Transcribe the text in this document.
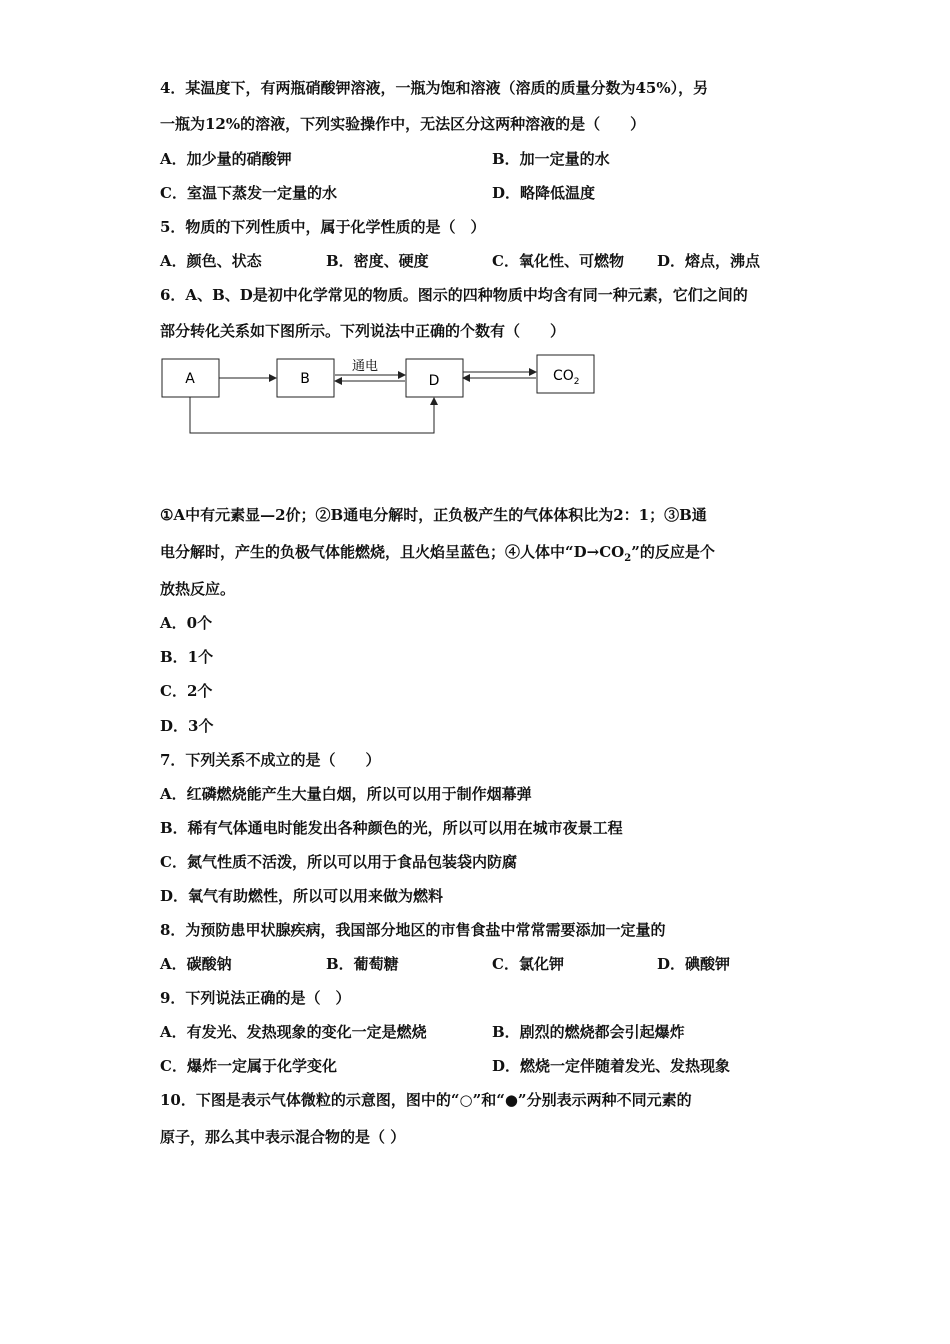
4．某温度下，有两瓶硝酸钾溶液，一瓶为饱和溶液（溶质的质量分数为45%），另
一瓶为12%的溶液，下列实验操作中，无法区分这两种溶液的是（　　）
A．加少量的硝酸钾	B．加一定量的水
C．室温下蒸发一定量的水	D．略降低温度
5．物质的下列性质中，属于化学性质的是（　）
A．颜色、状态	B．密度、硬度	C．氧化性、可燃物 D．熔点，沸点
6．A、B、D是初中化学常见的物质。图示的四种物质中均含有同一种元素，它们之间的
部分转化关系如下图所示。下列说法中正确的个数有（　　）
A	B	D	$CO_2$
通电
①A中有元素显—2价；②B通电分解时，正负极产生的气体体积比为2：1；③B通
电分解时，产生的负极气体能燃烧，且火焰呈蓝色；④人体中“$D\to CO_2$”的反应是个
放热反应。
A．0个
B．1个
C．2个
D．3个
7．下列关系不成立的是（　　）
A．红磷燃烧能产生大量白烟，所以可以用于制作烟幕弹
B．稀有气体通电时能发出各种颜色的光，所以可以用在城市夜景工程
C．氮气性质不活泼，所以可以用于食品包装袋内防腐
D．氧气有助燃性，所以可以用来做为燃料
8．为预防患甲状腺疾病，我国部分地区的市售食盐中常常需要添加一定量的
A．碳酸钠	B．葡萄糖	C．氯化钾	D．碘酸钾
9．下列说法正确的是（　）
A．有发光、发热现象的变化一定是燃烧	B．剧烈的燃烧都会引起爆炸
C．爆炸一定属于化学变化	D．燃烧一定伴随着发光、发热现象
10．下图是表示气体微粒的示意图，图中的“○”和“●”分别表示两种不同元素的
原子，那么其中表示混合物的是（ ）
